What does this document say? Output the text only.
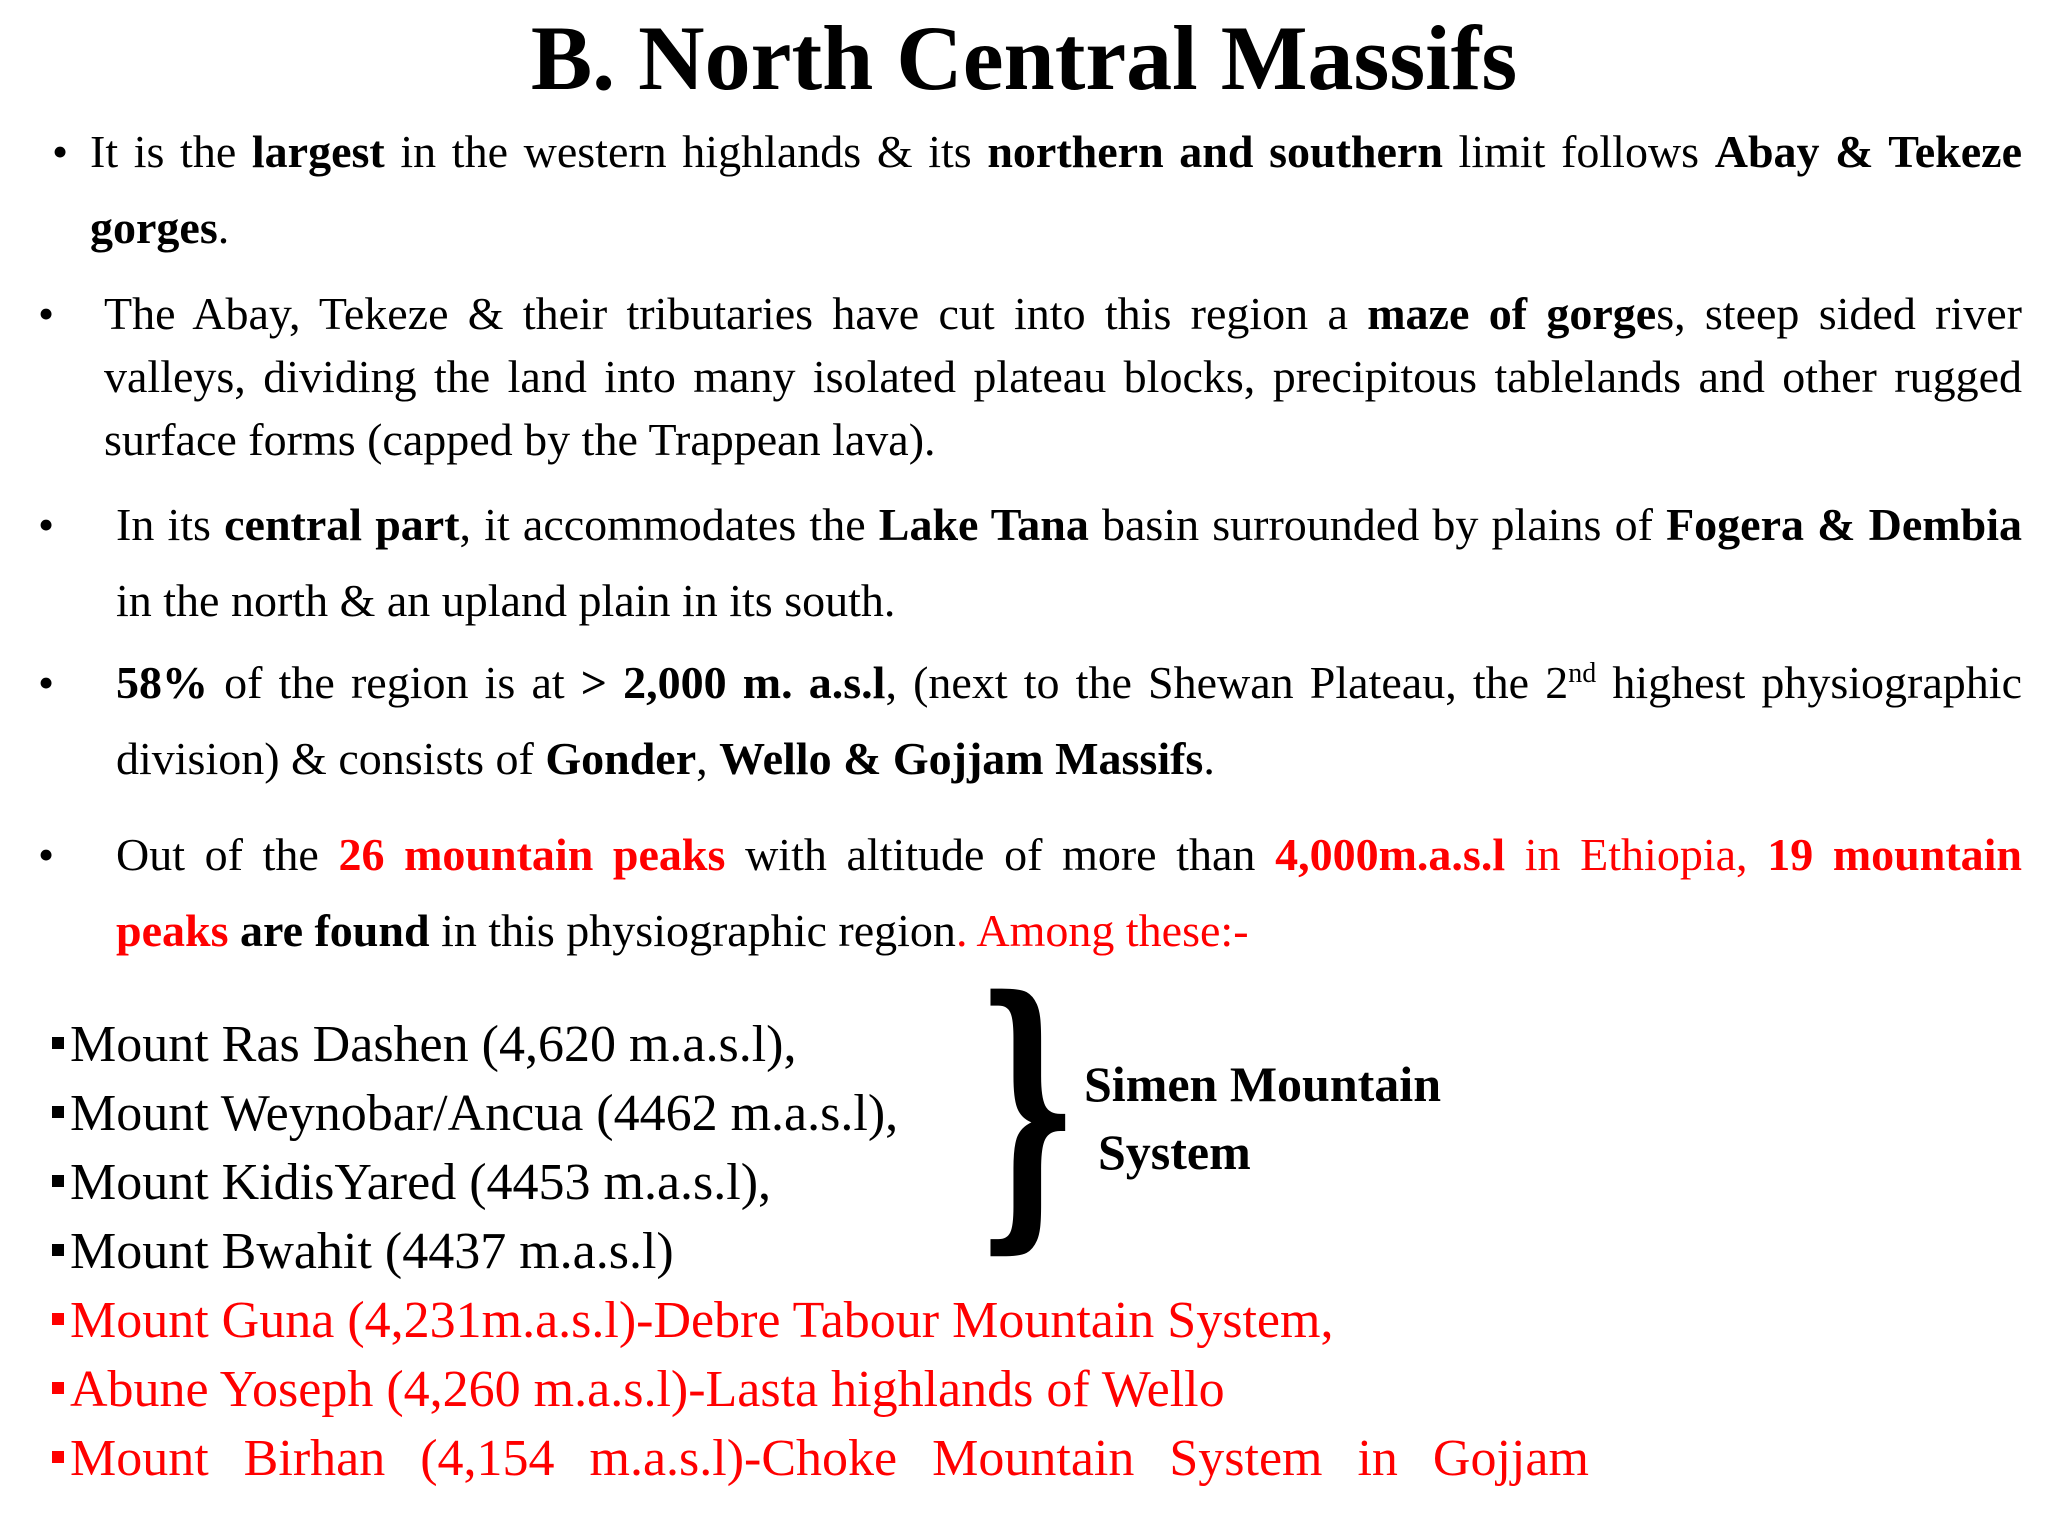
B. North Central Massifs
• It is the largest in the western highlands & its northern and southern limit follows Abay & Tekeze gorges.
• The Abay, Tekeze & their tributaries have cut into this region a maze of gorges, steep sided river valleys, dividing the land into many isolated plateau blocks, precipitous tablelands and other rugged surface forms (capped by the Trappean lava).
• In its central part, it accommodates the Lake Tana basin surrounded by plains of Fogera & Dembia in the north & an upland plain in its south.
• 58% of the region is at > 2,000 m. a.s.l, (next to the Shewan Plateau, the 2nd highest physiographic division) & consists of Gonder, Wello & Gojjam Massifs.
• Out of the 26 mountain peaks with altitude of more than 4,000m.a.s.l in Ethiopia, 19 mountain peaks are found in this physiographic region. Among these:-
Mount Ras Dashen (4,620 m.a.s.l),
Mount Weynobar/Ancua (4462 m.a.s.l),
Mount KidisYared (4453 m.a.s.l),
Mount Bwahit (4437 m.a.s.l)
Mount Guna (4,231m.a.s.l)-Debre Tabour Mountain System,
Abune Yoseph (4,260 m.a.s.l)-Lasta highlands of Wello
Mount Birhan (4,154 m.a.s.l)-Choke Mountain System in Gojjam
} Simen Mountain
System
